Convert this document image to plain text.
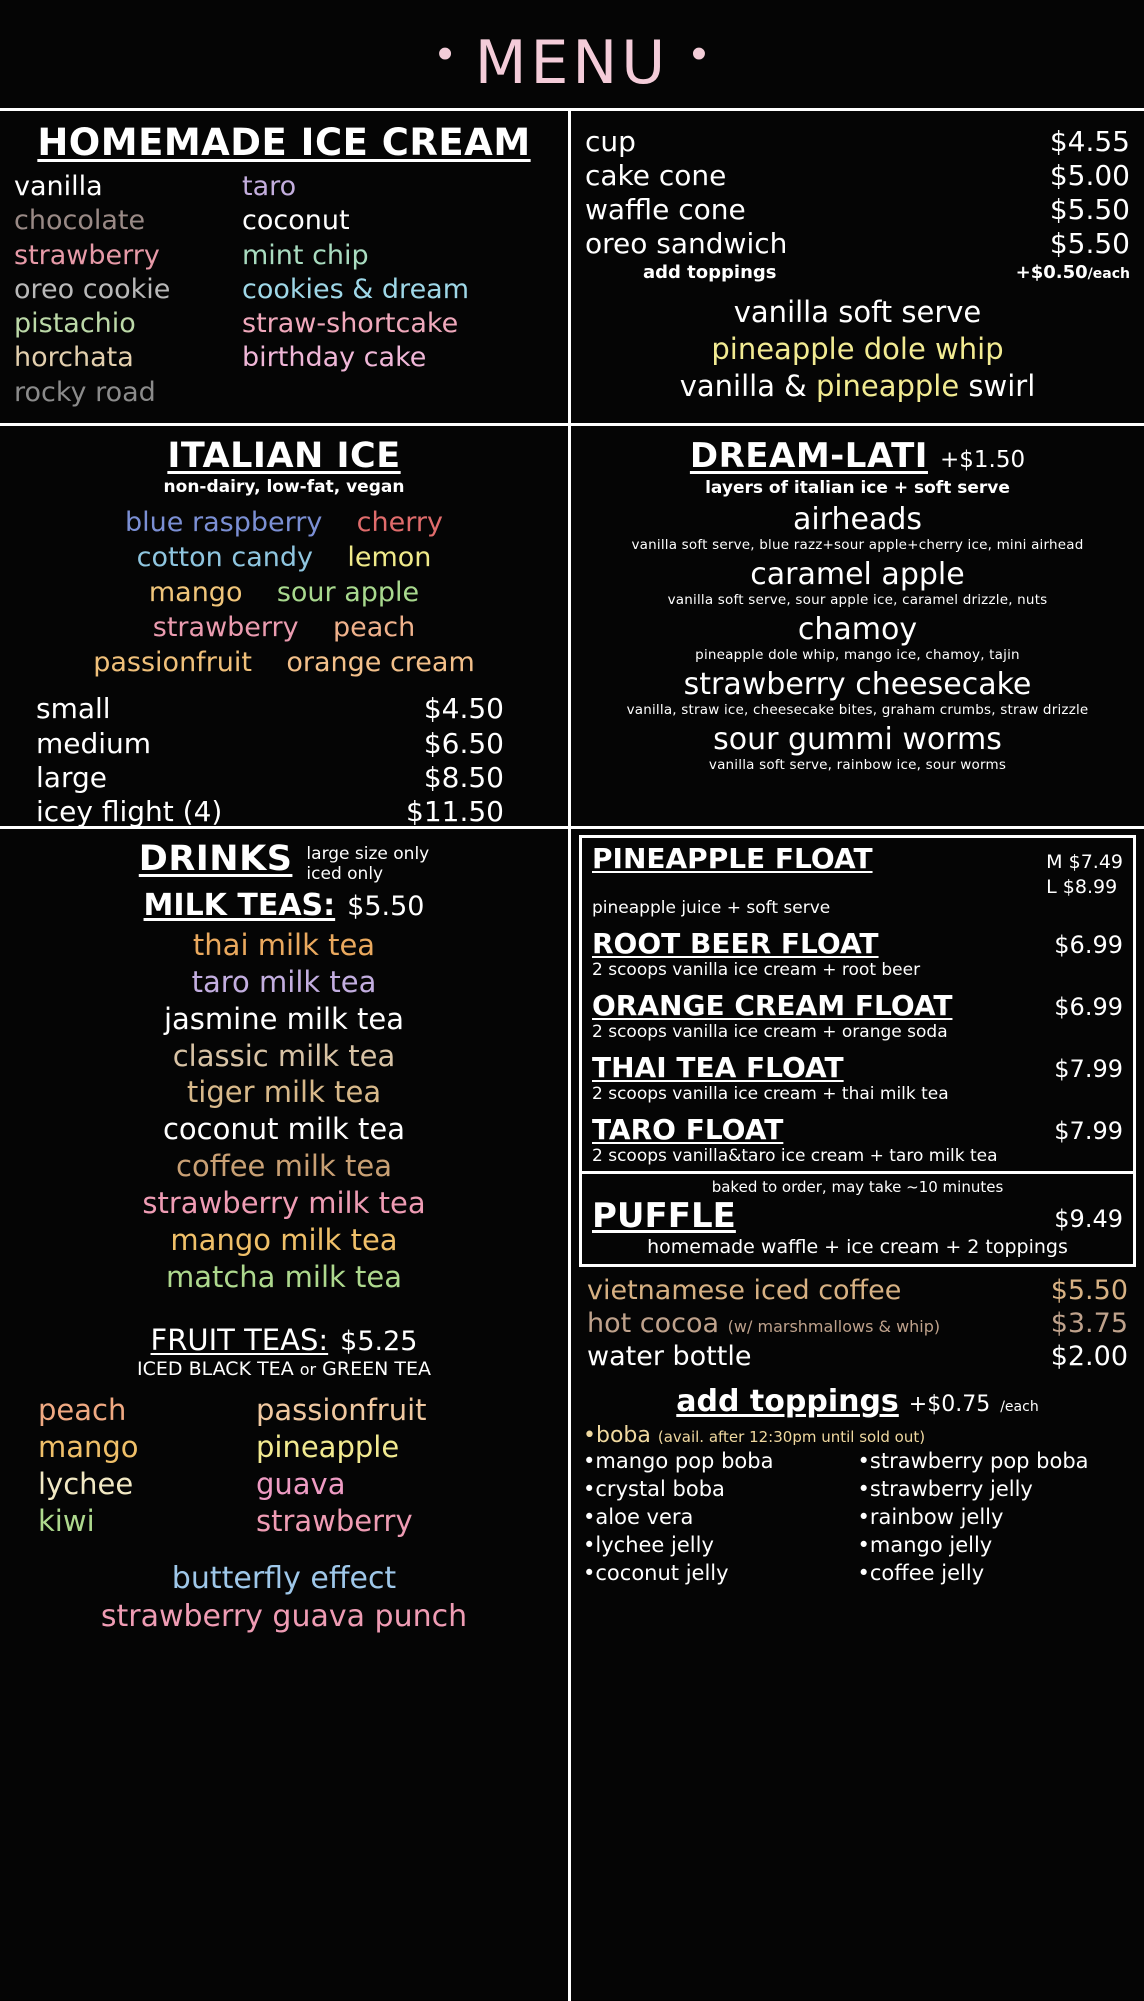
• menu •
HOMEMADE ICE CREAM
vanilla
chocolate
strawberry
oreo cookie
pistachio
horchata
rocky road
taro
coconut
mint chip
cookies & dream
straw-shortcake
birthday cake
cup	$4.55
cake cone	$5.00
waffle cone	$5.50
oreo sandwich	$5.50
add toppings	+$0.50 /each
vanilla soft serve
pineapple dole whip
vanilla & pineapple swirl
ITALIAN ICE
non-dairy, low-fat, vegan
blue raspberry cherry
cotton candy lemon
mango sour apple
strawberry peach
passionfruit orange cream
small	$4.50
medium	$6.50
large	$8.50
icey flight (4)	$11.50
DREAM-LATI +$1.50
layers of italian ice + soft serve
airheads
vanilla soft serve, blue razz+sour apple+cherry ice, mini airhead
caramel apple
vanilla soft serve, sour apple ice, caramel drizzle, nuts
chamoy
pineapple dole whip, mango ice, chamoy, tajin
strawberry cheesecake
vanilla, straw ice, cheesecake bites, graham crumbs, straw drizzle
sour gummi worms
vanilla soft serve, rainbow ice, sour worms
DRINKS large size only
iced only
MILK TEAS: $5.50
thai milk tea
taro milk tea
jasmine milk tea
classic milk tea
tiger milk tea
coconut milk tea
coffee milk tea
strawberry milk tea
mango milk tea
matcha milk tea
FRUIT TEAS: $5.25
ICED BLACK TEA or GREEN TEA
peach
mango
lychee
kiwi
passionfruit
pineapple
guava
strawberry
butterfly effect
strawberry guava punch
PINEAPPLE FLOAT	M $7.49
L $8.99
pineapple juice + soft serve
ROOT BEER FLOAT	$6.99
2 scoops vanilla ice cream + root beer
ORANGE CREAM FLOAT	$6.99
2 scoops vanilla ice cream + orange soda
THAI TEA FLOAT	$7.99
2 scoops vanilla ice cream + thai milk tea
TARO FLOAT	$7.99
2 scoops vanilla&taro ice cream + taro milk tea
baked to order, may take ~10 minutes
PUFFLE	$9.49
homemade waffle + ice cream + 2 toppings
vietnamese iced coffee	$5.50
hot cocoa (w/ marshmallows & whip)	$3.75
water bottle	$2.00
add toppings +$0.75 /each
•boba (avail. after 12:30pm until sold out)
•mango pop boba
•crystal boba
•aloe vera
•lychee jelly
•coconut jelly
•strawberry pop boba
•strawberry jelly
•rainbow jelly
•mango jelly
•coffee jelly
